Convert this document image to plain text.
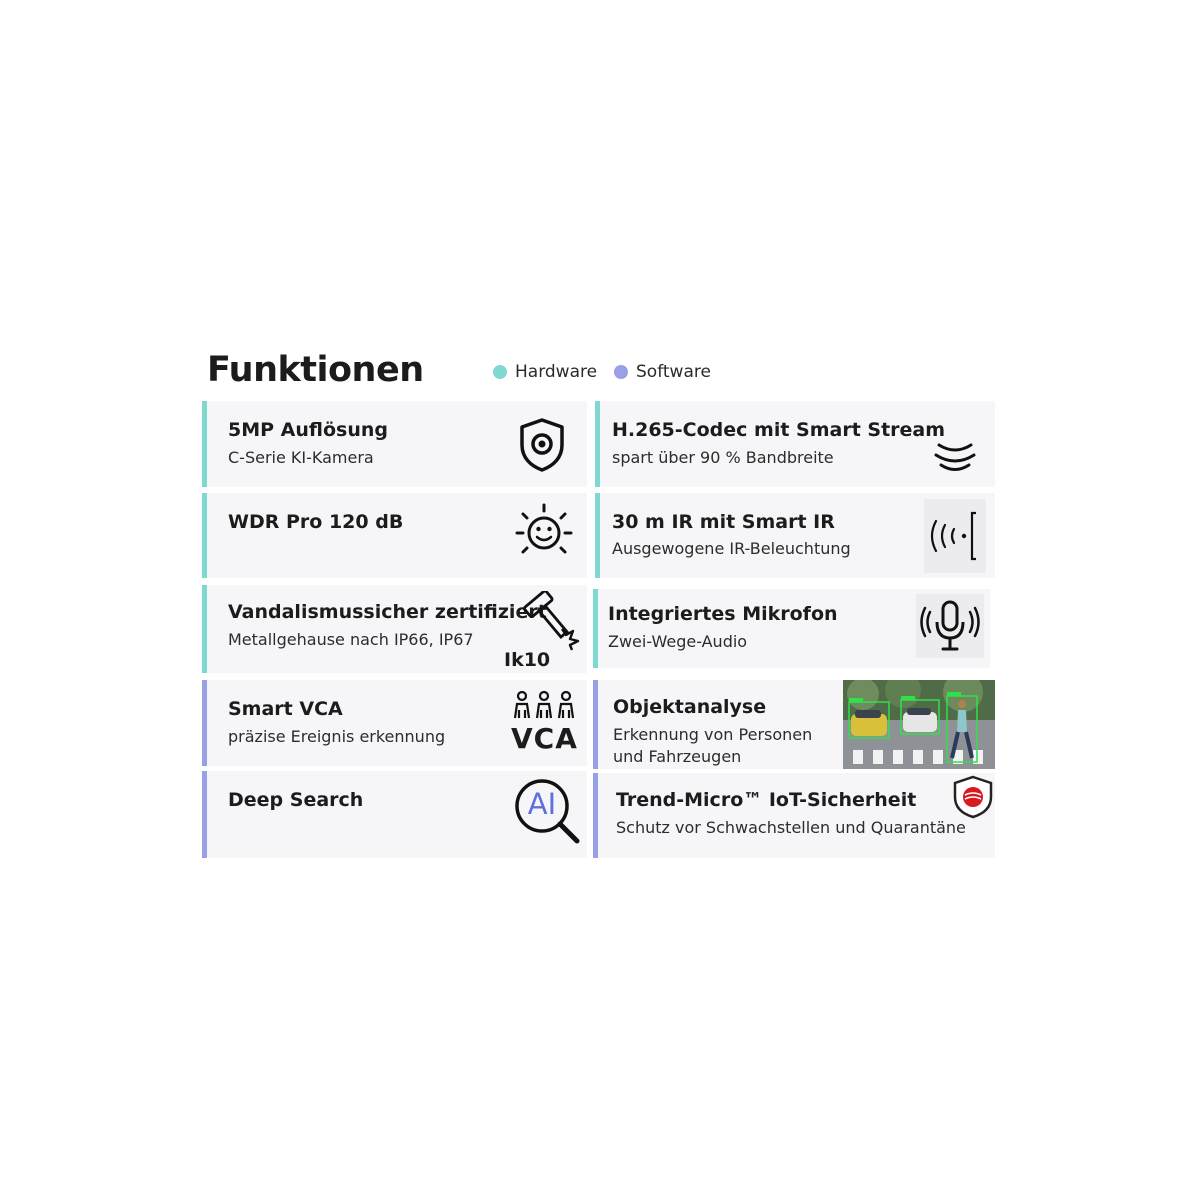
Funktionen	Hardware Software
5MP Auflösung
C-Serie KI-Kamera
H.265-Codec mit Smart Stream
spart über 90 % Bandbreite
WDR Pro 120 dB	30 m IR mit Smart IR
Ausgewogene IR-Beleuchtung
Vandalismussicher zertifiziert
Metallgehause nach IP66, IP67
Ik10
Integriertes Mikrofon
Zwei-Wege-Audio
Smart VCA
präzise Ereignis erkennung VCA
Objektanalyse
Erkennung von Personen
und Fahrzeugen
Deep Search	AI	Trend-Micro™ IoT-Sicherheit
Schutz vor Schwachstellen und Quarantäne
